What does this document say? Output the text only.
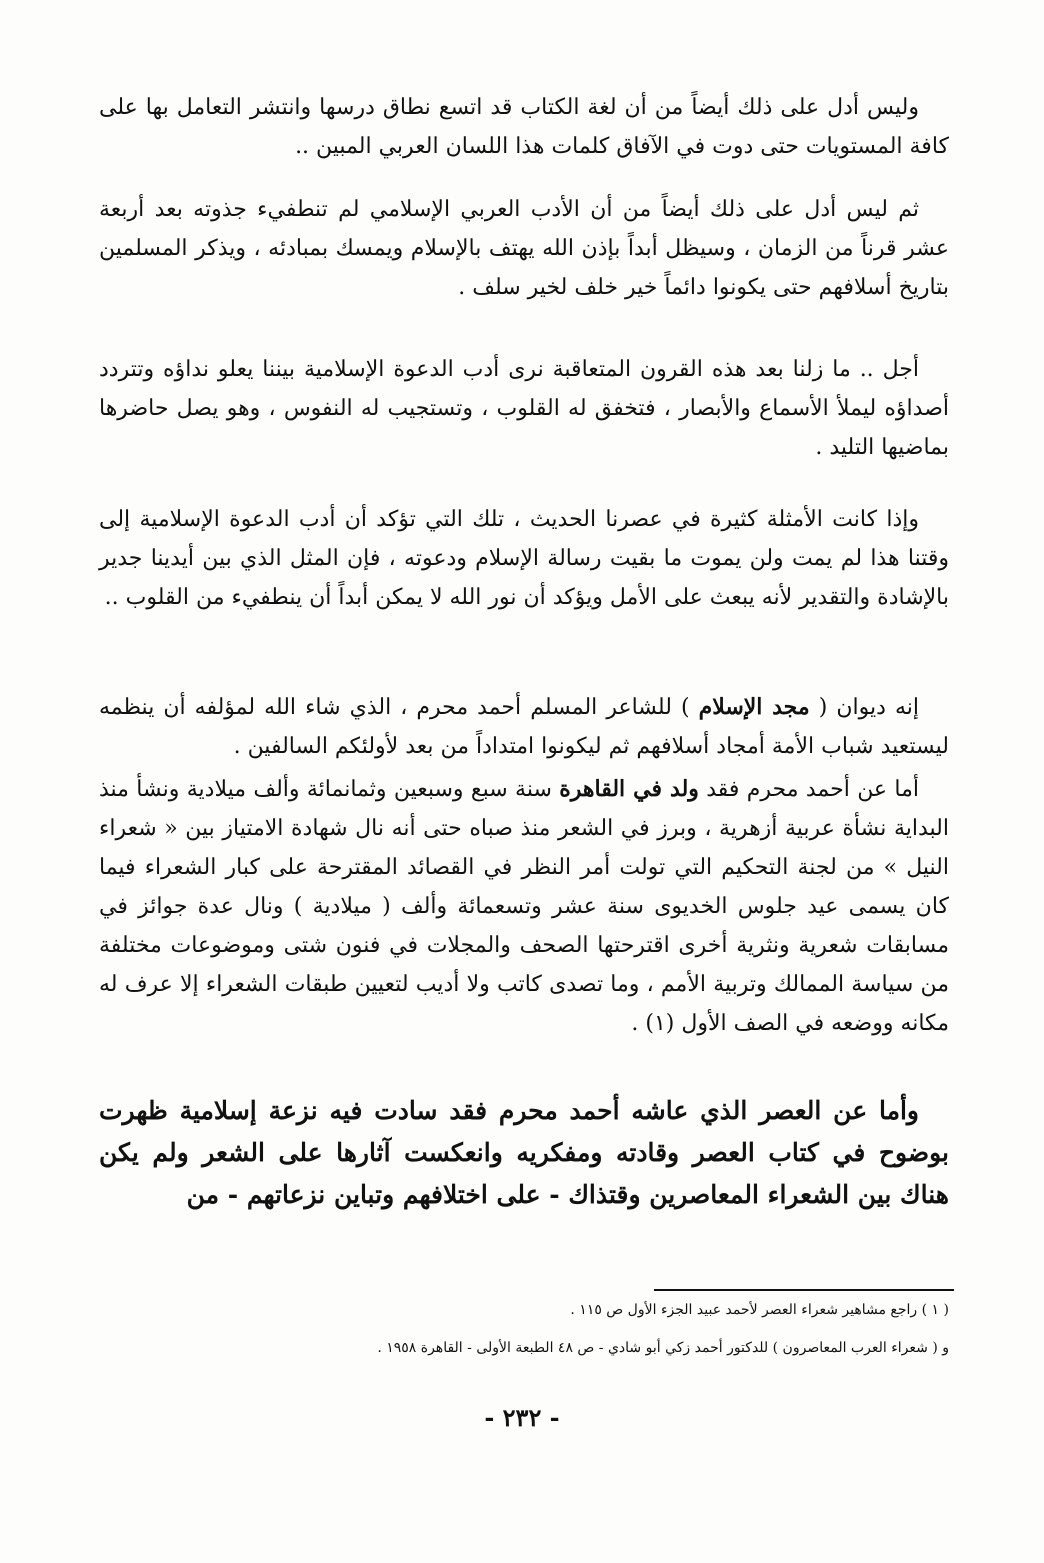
وليس أدل على ذلك أيضاً من أن لغة الكتاب قد اتسع نطاق درسها وانتشر التعامل بها على كافة المستويات حتى دوت في الآفاق كلمات هذا اللسان العربي المبين ..

ثم ليس أدل على ذلك أيضاً من أن الأدب العربي الإسلامي لم تنطفيء جذوته بعد أربعة عشر قرناً من الزمان ، وسيظل أبداً بإذن الله يهتف بالإسلام ويمسك بمبادئه ، ويذكر المسلمين بتاريخ أسلافهم حتى يكونوا دائماً خير خلف لخير سلف .

أجل .. ما زلنا بعد هذه القرون المتعاقبة نرى أدب الدعوة الإسلامية بيننا يعلو نداؤه وتتردد أصداؤه ليملأ الأسماع والأبصار ، فتخفق له القلوب ، وتستجيب له النفوس ، وهو يصل حاضرها بماضيها التليد .

وإذا كانت الأمثلة كثيرة في عصرنا الحديث ، تلك التي تؤكد أن أدب الدعوة الإسلامية إلى وقتنا هذا لم يمت ولن يموت ما بقيت رسالة الإسلام ودعوته ، فإن المثل الذي بين أيدينا جدير بالإشادة والتقدير لأنه يبعث على الأمل ويؤكد أن نور الله لا يمكن أبداً أن ينطفيء من القلوب ..

إنه ديوان ( مجد الإسلام ) للشاعر المسلم أحمد محرم ، الذي شاء الله لمؤلفه أن ينظمه ليستعيد شباب الأمة أمجاد أسلافهم ثم ليكونوا امتداداً من بعد لأولئكم السالفين .

أما عن أحمد محرم فقد ولد في القاهرة سنة سبع وسبعين وثمانمائة وألف ميلادية ونشأ منذ البداية نشأة عربية أزهرية ، وبرز في الشعر منذ صباه حتى أنه نال شهادة الامتياز بين « شعراء النيل » من لجنة التحكيم التي تولت أمر النظر في القصائد المقترحة على كبار الشعراء فيما كان يسمى عيد جلوس الخديوى سنة عشر وتسعمائة وألف ( ميلادية ) ونال عدة جوائز في مسابقات شعرية ونثرية أخرى اقترحتها الصحف والمجلات في فنون شتى وموضوعات مختلفة من سياسة الممالك وتربية الأمم ، وما تصدى كاتب ولا أديب لتعيين طبقات الشعراء إلا عرف له مكانه ووضعه في الصف الأول (١) .

وأما عن العصر الذي عاشه أحمد محرم فقد سادت فيه نزعة إسلامية ظهرت بوضوح في كتاب العصر وقادته ومفكريه وانعكست آثارها على الشعر ولم يكن هناك بين الشعراء المعاصرين وقتذاك - على اختلافهم وتباين نزعاتهم - من

( ١ ) راجع مشاهير شعراء العصر لأحمد عبيد الجزء الأول ص ١١٥ .
و ( شعراء العرب المعاصرون ) للدكتور أحمد زكي أبو شادي - ص ٤٨ الطبعة الأولى - القاهرة ١٩٥٨ .
- ٢٣٢ -
